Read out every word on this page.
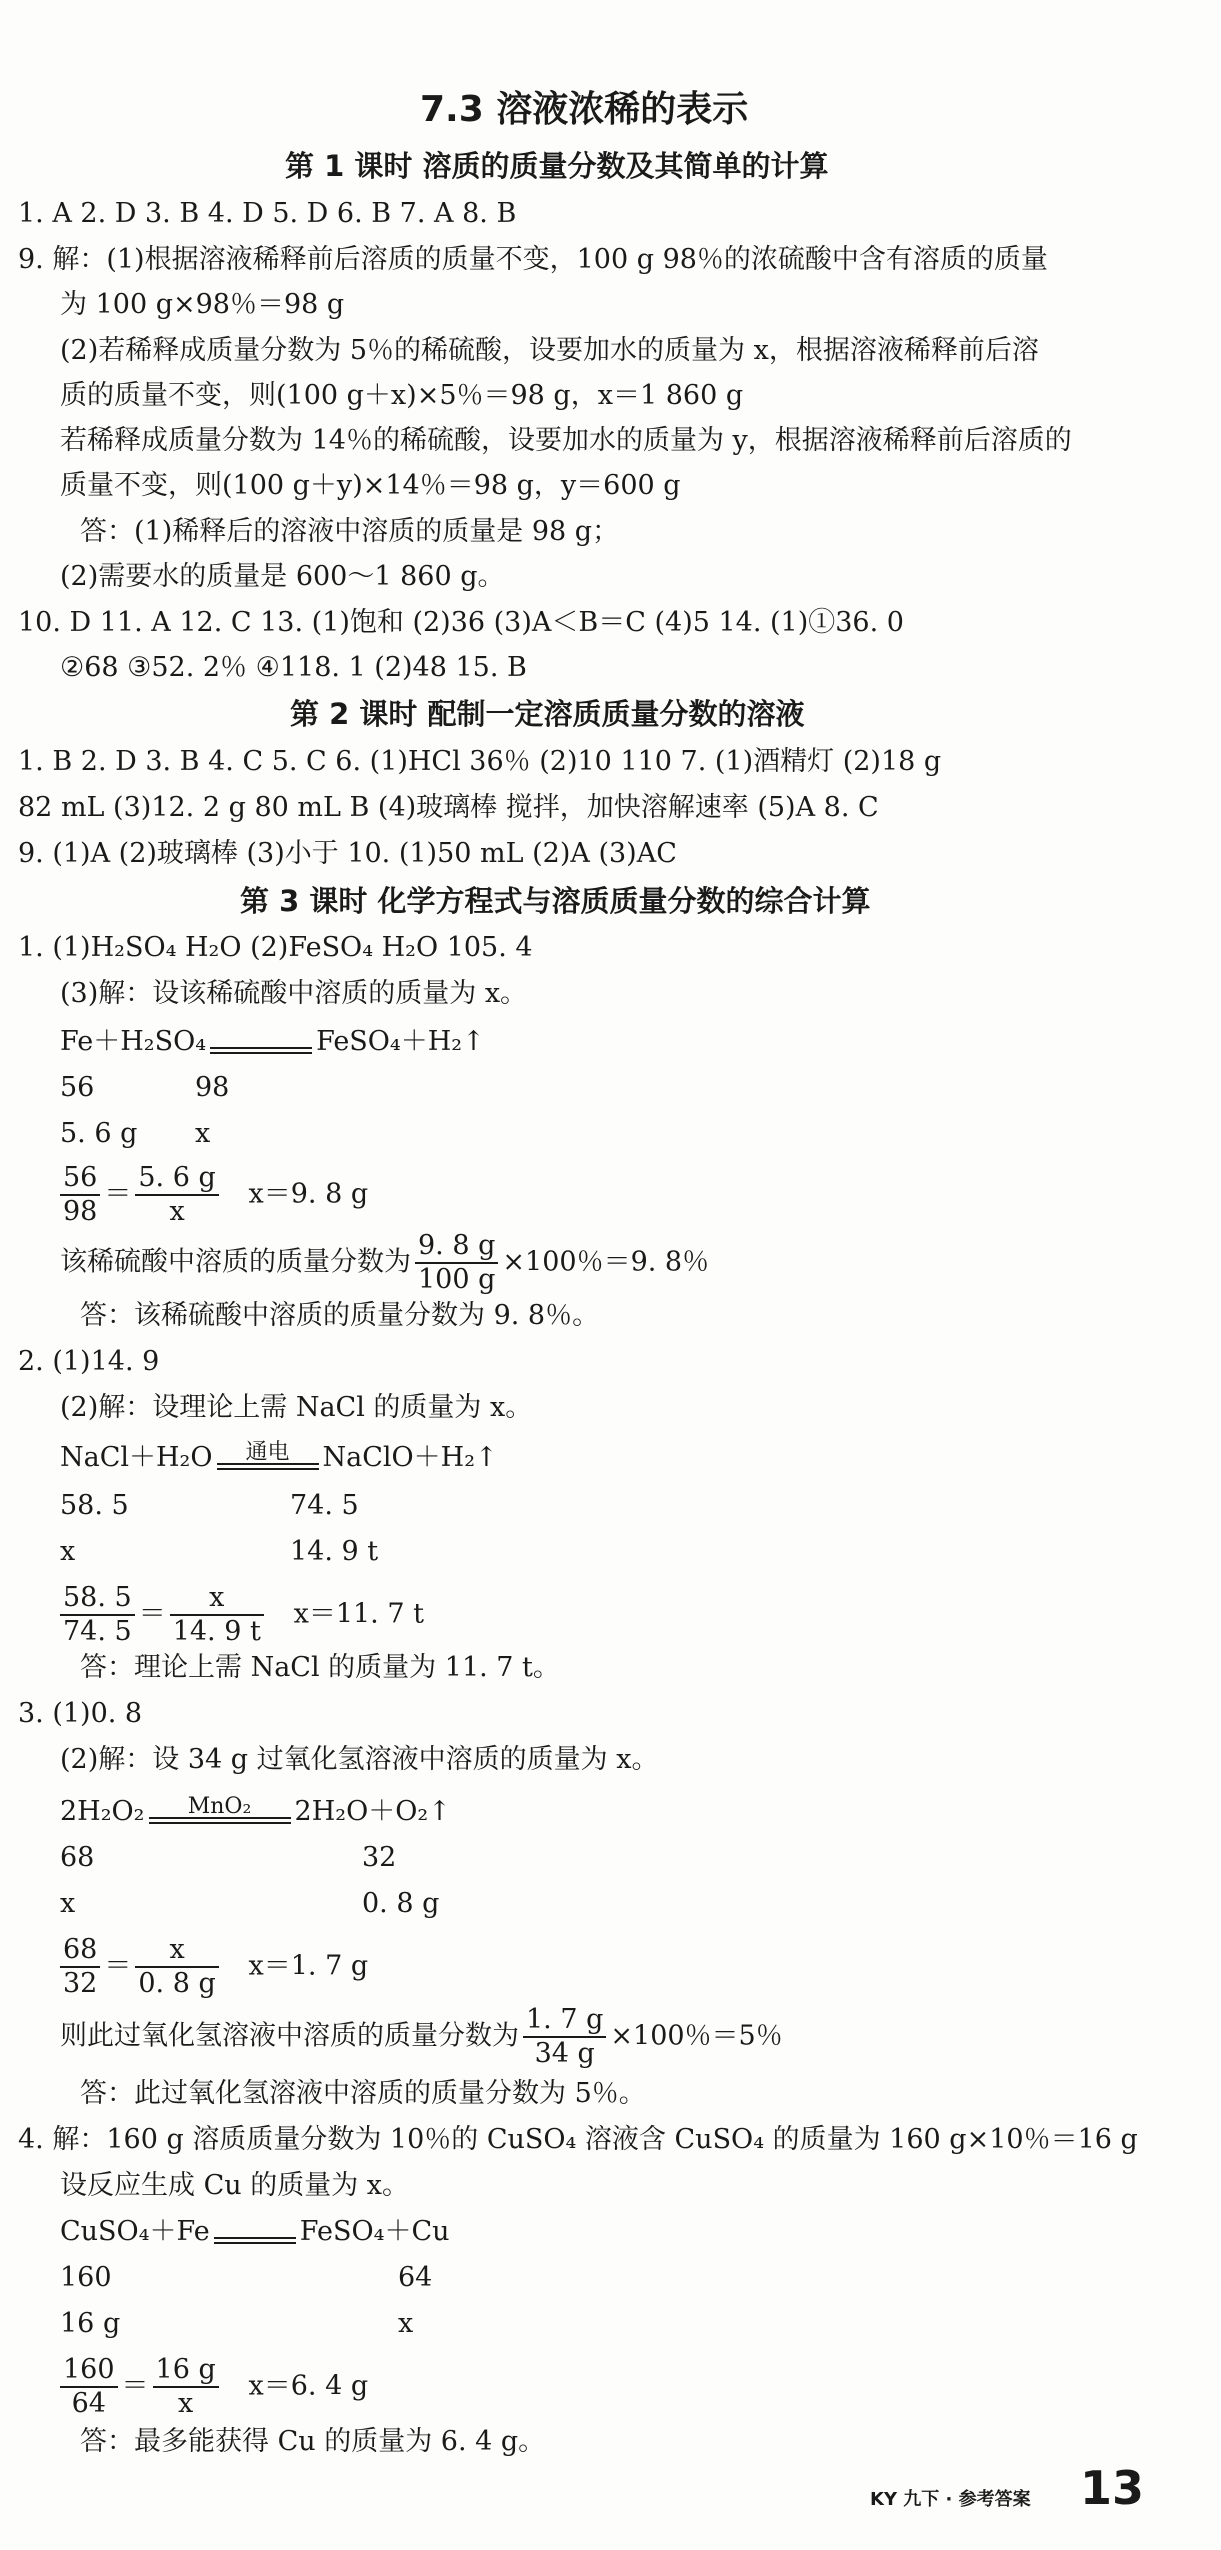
7.3 溶液浓稀的表示
第 1 课时 溶质的质量分数及其简单的计算
1. A 2. D 3. B 4. D 5. D 6. B 7. A 8. B
9. 解：(1)根据溶液稀释前后溶质的质量不变，100 g 98％的浓硫酸中含有溶质的质量
为 100 g×98％＝98 g
(2)若稀释成质量分数为 5％的稀硫酸，设要加水的质量为 x，根据溶液稀释前后溶
质的质量不变，则(100 g＋x)×5％＝98 g，x＝1 860 g
若稀释成质量分数为 14％的稀硫酸，设要加水的质量为 y，根据溶液稀释前后溶质的
质量不变，则(100 g＋y)×14％＝98 g，y＝600 g
答：(1)稀释后的溶液中溶质的质量是 98 g；
(2)需要水的质量是 600～1 860 g。
10. D 11. A 12. C 13. (1)饱和 (2)36 (3)A＜B＝C (4)5 14. (1)①36. 0
②68 ③52. 2％ ④118. 1 (2)48 15. B
第 2 课时 配制一定溶质质量分数的溶液
1. B 2. D 3. B 4. C 5. C 6. (1)HCl 36％ (2)10 110 7. (1)酒精灯 (2)18 g
82 mL (3)12. 2 g 80 mL B (4)玻璃棒 搅拌，加快溶解速率 (5)A 8. C
9. (1)A (2)玻璃棒 (3)小于 10. (1)50 mL (2)A (3)AC
第 3 课时 化学方程式与溶质质量分数的综合计算
1. (1)H₂SO₄ H₂O (2)FeSO₄ H₂O 105. 4
(3)解：设该稀硫酸中溶质的质量为 x。
Fe＋H₂SO₄	FeSO₄＋H₂↑
56	98
5. 6 g x
$\frac{56}{98} = \frac{5. 6 g}{x} x=9$. 8 g
该稀硫酸中溶质的质量分数为 $\frac{9. 8 g}{100 g} \times 100$％＝9. 8％
答：该稀硫酸中溶质的质量分数为 9. 8％。
2. (1)14. 9
(2)解：设理论上需 NaCl 的质量为 x。
NaCl＋H₂O	通电	NaClO＋H₂↑
58. 5	74. 5
x	14. 9 t
$\frac{58. 5}{74. 5} = \frac{x}{14. 9 t} x=11$. 7 t
答：理论上需 NaCl 的质量为 11. 7 t。
3. (1)0. 8
(2)解：设 34 g 过氧化氢溶液中溶质的质量为 x。
2H₂O₂	MnO₂	2H₂O＋O₂↑
68	32
x	0. 8 g
$\frac{68}{32} = \frac{x}{0. 8 g} x=1$. 7 g
则此过氧化氢溶液中溶质的质量分数为 $\frac{1. 7 g}{34 g} \times 100$％＝5％
答：此过氧化氢溶液中溶质的质量分数为 5％。
4. 解：160 g 溶质质量分数为 10％的 CuSO₄ 溶液含 CuSO₄ 的质量为 160 g×10％＝16 g
设反应生成 Cu 的质量为 x。
CuSO₄＋Fe	FeSO₄＋Cu
160	64
16 g	x
$\frac{160}{64} = \frac{16 g}{x} x=6$. 4 g
答：最多能获得 Cu 的质量为 6. 4 g。
KY 九下 · 参考答案 13
